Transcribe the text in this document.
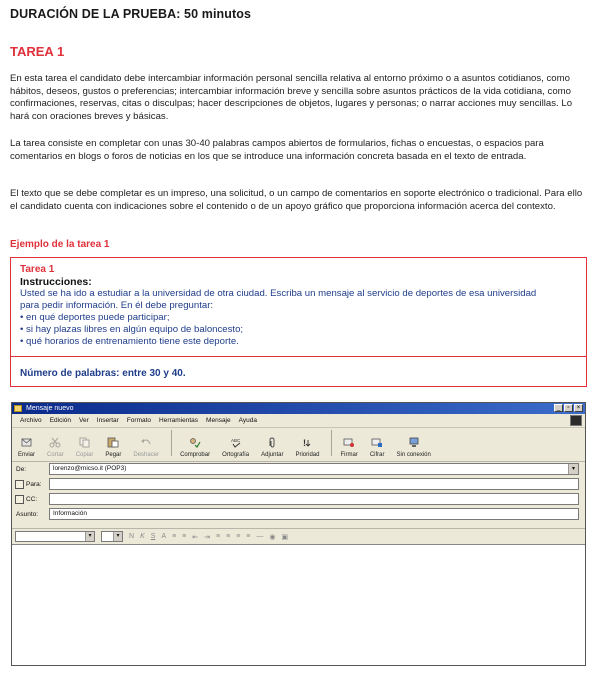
DURACIÓN DE LA PRUEBA: 50 minutos
TAREA 1

En esta tarea el candidato debe intercambiar información personal sencilla relativa al entorno próximo o a asuntos cotidianos, como hábitos, deseos, gustos o preferencias; intercambiar información breve y sencilla sobre asuntos prácticos de la vida cotidiana, como confirmaciones, reservas, citas o disculpas; hacer descripciones de objetos, lugares y personas; o narrar acciones muy sencillas. Lo hará con oraciones breves y básicas.

La tarea consiste en completar con unas 30-40 palabras campos abiertos de formularios, fichas o encuestas, o espacios para comentarios en blogs o foros de noticias en los que se introduce una información concreta basada en el texto de entrada.

El texto que se debe completar es un impreso, una solicitud, o un campo de comentarios en soporte electrónico o tradicional. Para ello el candidato cuenta con indicaciones sobre el contenido o de un apoyo gráfico que proporciona información acerca del contexto.

Ejemplo de la tarea 1
Tarea 1
Instrucciones:
Usted se ha ido a estudiar a la universidad de otra ciudad. Escriba un mensaje al servicio de deportes de esa universidad
para pedir información. En él debe preguntar:
• en qué deportes puede participar;
• si hay plazas libres en algún equipo de baloncesto;
• qué horarios de entrenamiento tiene este deporte.
Número de palabras: entre 30 y 40.
Mensaje nuevo	_	▫	×
Archivo Edición Ver Insertar Formato Herramientas Mensaje Ayuda
Enviar Cortar Copiar Pegar Deshacer	Comprobar
ABC
Ortografía Adjuntar
!
Prioridad	Firmar Cifrar Sin conexión
De:	lorenzo@micso.it (POP3)	▾
Para:
CC:
Asunto:	Información
▾	▾	N K S A ≡ ≡ ⇤ ⇥ ≡ ≡ ≡ ≡ — ◉ ▣
